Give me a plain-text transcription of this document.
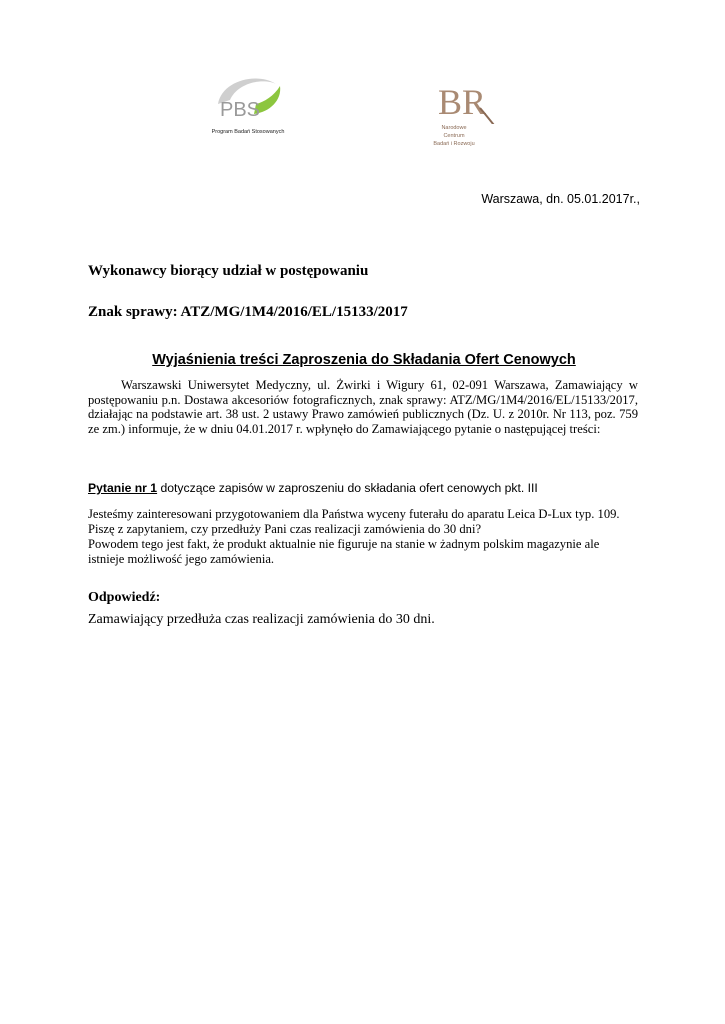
PBS
Program Badań Stosowanych
BR
Narodowe Centrum
Badań i Rozwoju
Warszawa, dn. 05.01.2017r.,
Wykonawcy biorący udział w postępowaniu
Znak sprawy: ATZ/MG/1M4/2016/EL/15133/2017
Wyjaśnienia treści Zaproszenia do Składania Ofert Cenowych
Warszawski Uniwersytet Medyczny, ul. Żwirki i Wigury 61, 02-091 Warszawa, Zamawiający w postępowaniu p.n. Dostawa akcesoriów fotograficznych, znak sprawy: ATZ/MG/1M4/2016/EL/15133/2017, działając na podstawie art. 38 ust. 2 ustawy Prawo zamówień publicznych (Dz. U. z 2010r. Nr 113, poz. 759 ze zm.) informuje, że w dniu 04.01.2017 r. wpłynęło do Zamawiającego pytanie o następującej treści:
Pytanie nr 1 dotyczące zapisów w zaproszeniu do składania ofert cenowych pkt. III
Jesteśmy zainteresowani przygotowaniem dla Państwa wyceny futerału do aparatu Leica D-Lux typ. 109.
Piszę z zapytaniem, czy przedłuży Pani czas realizacji zamówienia do 30 dni?
Powodem tego jest fakt, że produkt aktualnie nie figuruje na stanie w żadnym polskim magazynie ale istnieje możliwość jego zamówienia.
Odpowiedź:
Zamawiający przedłuża czas realizacji zamówienia do 30 dni.
